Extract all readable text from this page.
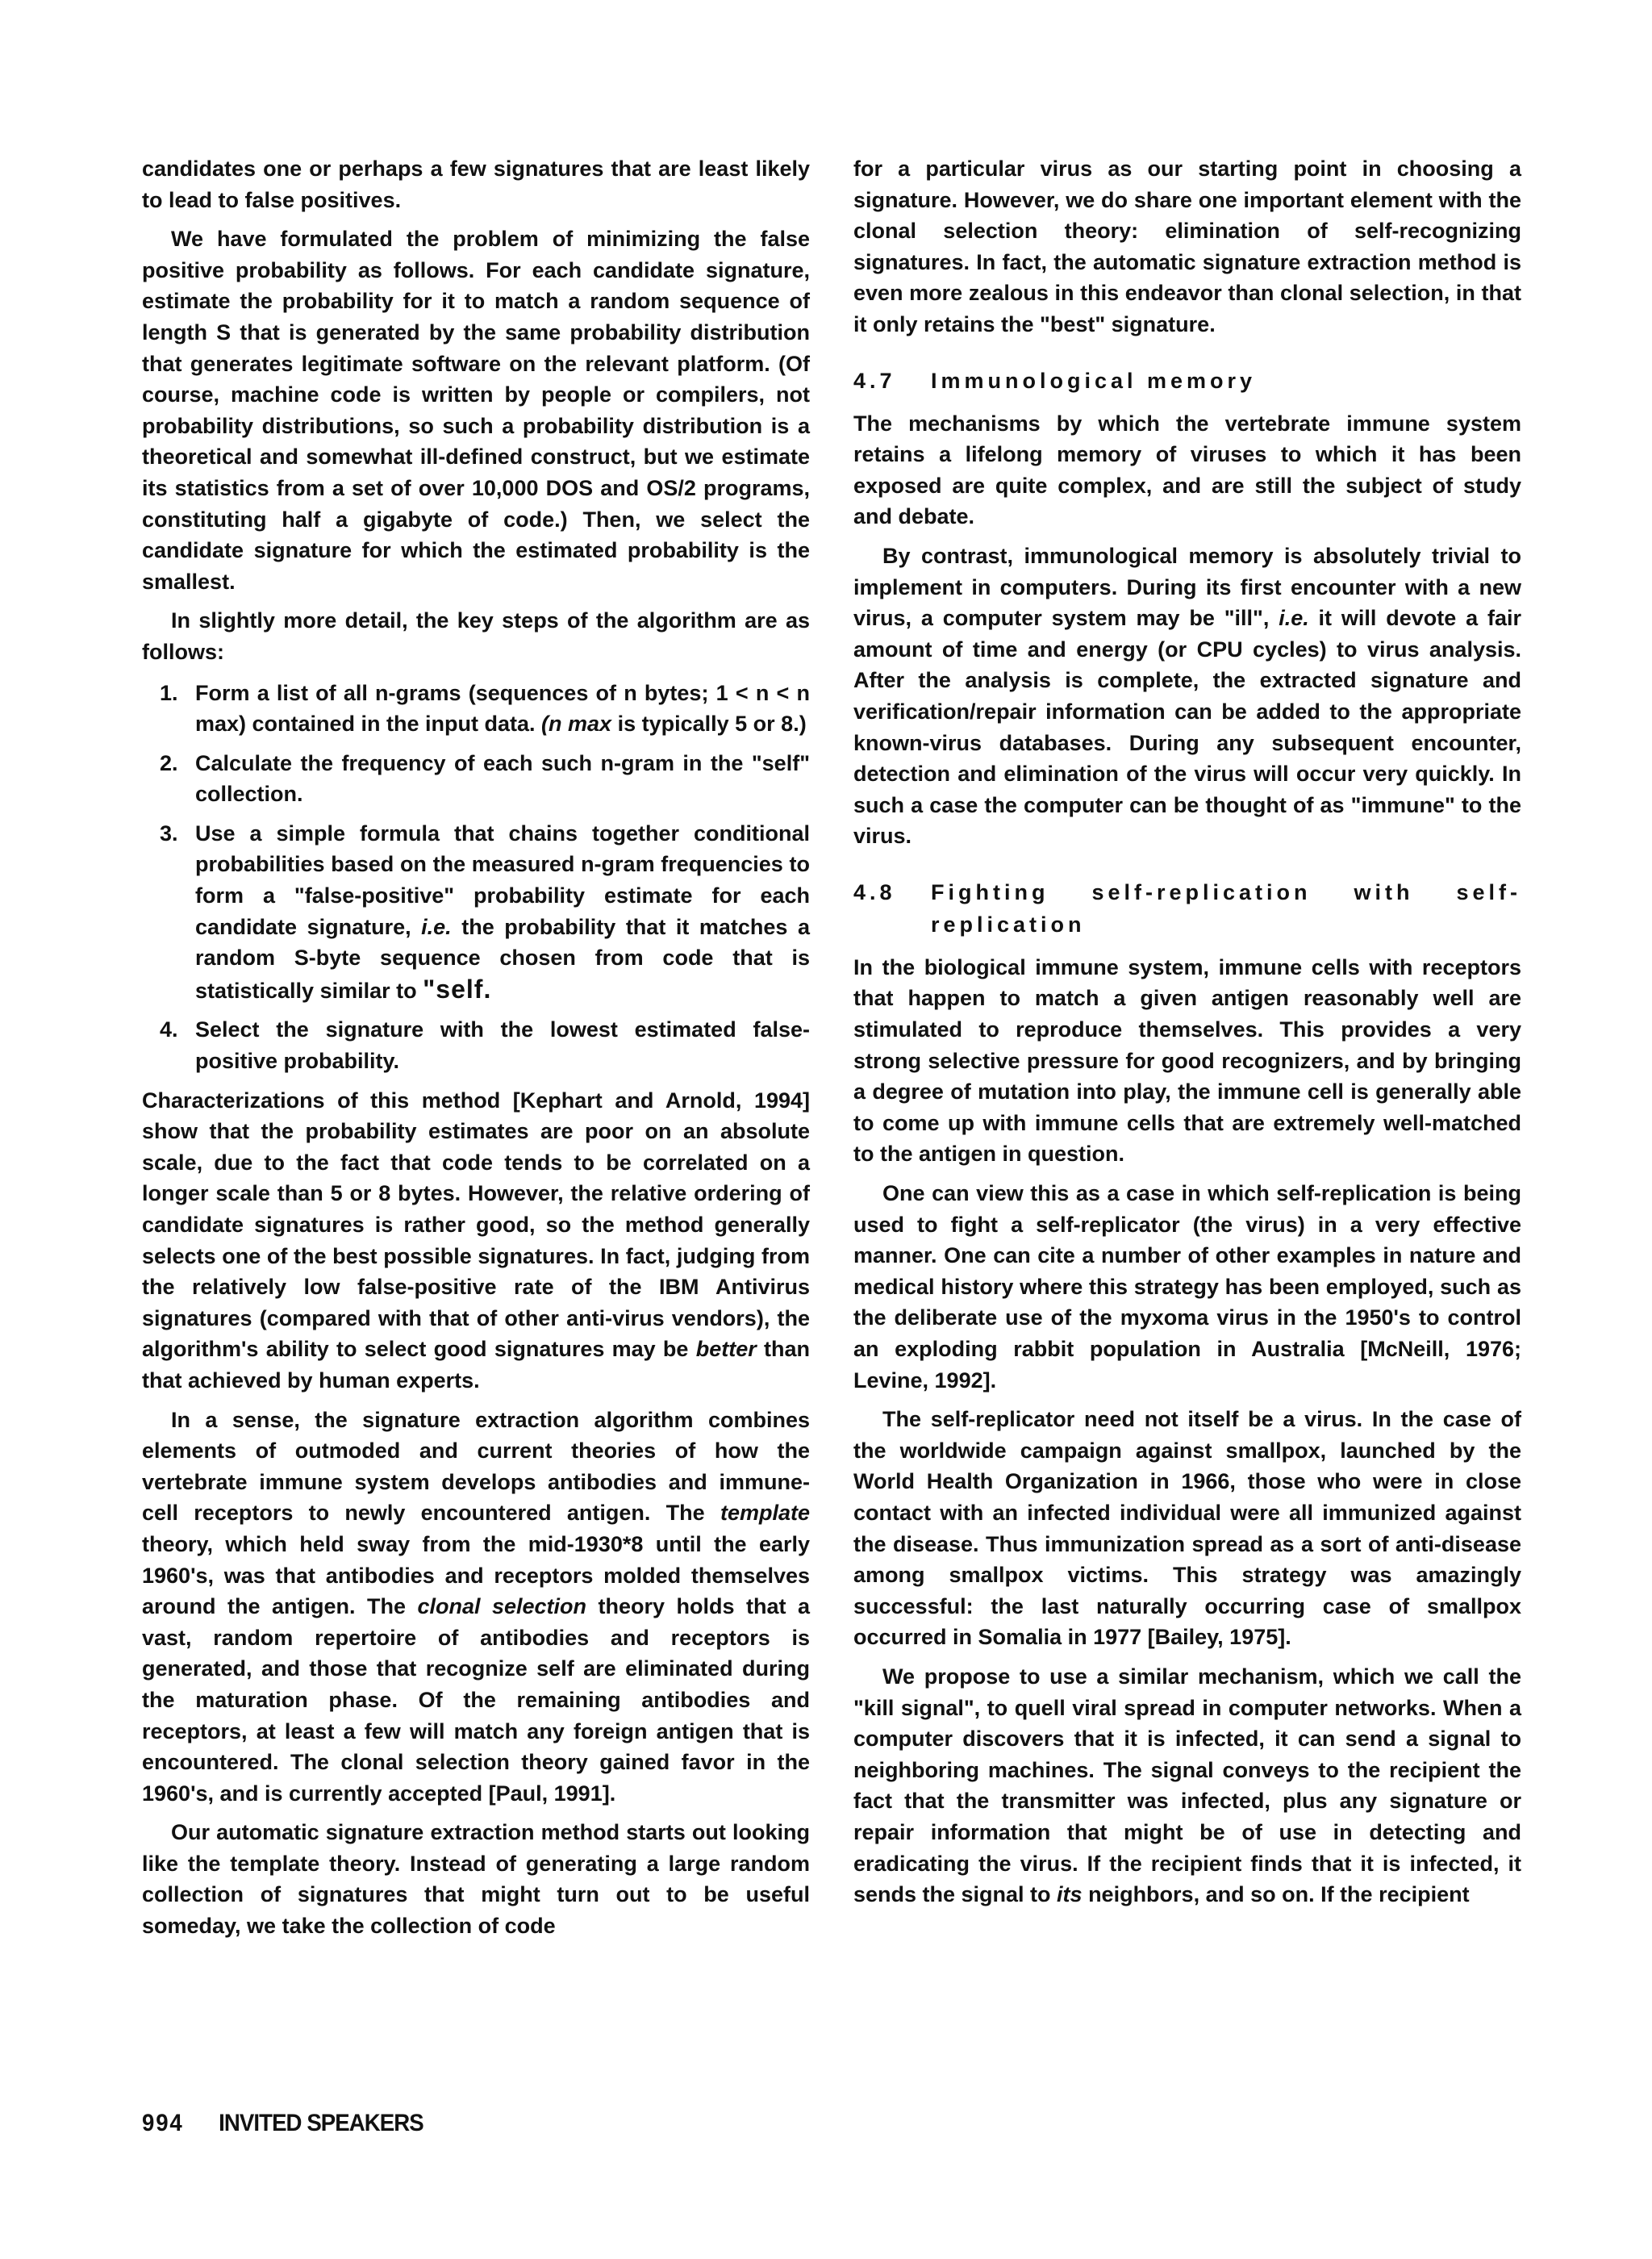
candidates one or perhaps a few signatures that are least likely to lead to false positives.

We have formulated the problem of minimizing the false positive probability as follows. For each candidate signature, estimate the probability for it to match a random sequence of length S that is generated by the same probability distribution that generates legitimate software on the relevant platform. (Of course, machine code is written by people or compilers, not probability distributions, so such a probability distribution is a theoretical and somewhat ill-defined construct, but we estimate its statistics from a set of over 10,000 DOS and OS/2 programs, constituting half a gigabyte of code.) Then, we select the candidate signature for which the estimated probability is the smallest.

In slightly more detail, the key steps of the algorithm are as follows:

1. Form a list of all n-grams (sequences of n bytes; 1 < n < n max) contained in the input data. (n max is typically 5 or 8.)
2. Calculate the frequency of each such n-gram in the "self" collection.
3. Use a simple formula that chains together conditional probabilities based on the measured n-gram frequencies to form a "false-positive" probability estimate for each candidate signature, i.e. the probability that it matches a random S-byte sequence chosen from code that is statistically similar to "self.
4. Select the signature with the lowest estimated false-positive probability.

Characterizations of this method [Kephart and Arnold, 1994] show that the probability estimates are poor on an absolute scale, due to the fact that code tends to be correlated on a longer scale than 5 or 8 bytes. However, the relative ordering of candidate signatures is rather good, so the method generally selects one of the best possible signatures. In fact, judging from the relatively low false-positive rate of the IBM Antivirus signatures (compared with that of other anti-virus vendors), the algorithm's ability to select good signatures may be better than that achieved by human experts.

In a sense, the signature extraction algorithm combines elements of outmoded and current theories of how the vertebrate immune system develops antibodies and immune-cell receptors to newly encountered antigen. The template theory, which held sway from the mid-1930*8 until the early 1960's, was that antibodies and receptors molded themselves around the antigen. The clonal selection theory holds that a vast, random repertoire of antibodies and receptors is generated, and those that recognize self are eliminated during the maturation phase. Of the remaining antibodies and receptors, at least a few will match any foreign antigen that is encountered. The clonal selection theory gained favor in the 1960's, and is currently accepted [Paul, 1991].

Our automatic signature extraction method starts out looking like the template theory. Instead of generating a large random collection of signatures that might turn out to be useful someday, we take the collection of code

for a particular virus as our starting point in choosing a signature. However, we do share one important element with the clonal selection theory: elimination of self-recognizing signatures. In fact, the automatic signature extraction method is even more zealous in this endeavor than clonal selection, in that it only retains the "best" signature.

4.7	Immunological memory

The mechanisms by which the vertebrate immune system retains a lifelong memory of viruses to which it has been exposed are quite complex, and are still the subject of study and debate.

By contrast, immunological memory is absolutely trivial to implement in computers. During its first encounter with a new virus, a computer system may be "ill", i.e. it will devote a fair amount of time and energy (or CPU cycles) to virus analysis. After the analysis is complete, the extracted signature and verification/repair information can be added to the appropriate known-virus databases. During any subsequent encounter, detection and elimination of the virus will occur very quickly. In such a case the computer can be thought of as "immune" to the virus.

4.8	Fighting self-replication with self-replication

In the biological immune system, immune cells with receptors that happen to match a given antigen reasonably well are stimulated to reproduce themselves. This provides a very strong selective pressure for good recognizers, and by bringing a degree of mutation into play, the immune cell is generally able to come up with immune cells that are extremely well-matched to the antigen in question.

One can view this as a case in which self-replication is being used to fight a self-replicator (the virus) in a very effective manner. One can cite a number of other examples in nature and medical history where this strategy has been employed, such as the deliberate use of the myxoma virus in the 1950's to control an exploding rabbit population in Australia [McNeill, 1976; Levine, 1992].

The self-replicator need not itself be a virus. In the case of the worldwide campaign against smallpox, launched by the World Health Organization in 1966, those who were in close contact with an infected individual were all immunized against the disease. Thus immunization spread as a sort of anti-disease among smallpox victims. This strategy was amazingly successful: the last naturally occurring case of smallpox occurred in Somalia in 1977 [Bailey, 1975].

We propose to use a similar mechanism, which we call the "kill signal", to quell viral spread in computer networks. When a computer discovers that it is infected, it can send a signal to neighboring machines. The signal conveys to the recipient the fact that the transmitter was infected, plus any signature or repair information that might be of use in detecting and eradicating the virus. If the recipient finds that it is infected, it sends the signal to its neighbors, and so on. If the recipient

994 INVITED SPEAKERS
